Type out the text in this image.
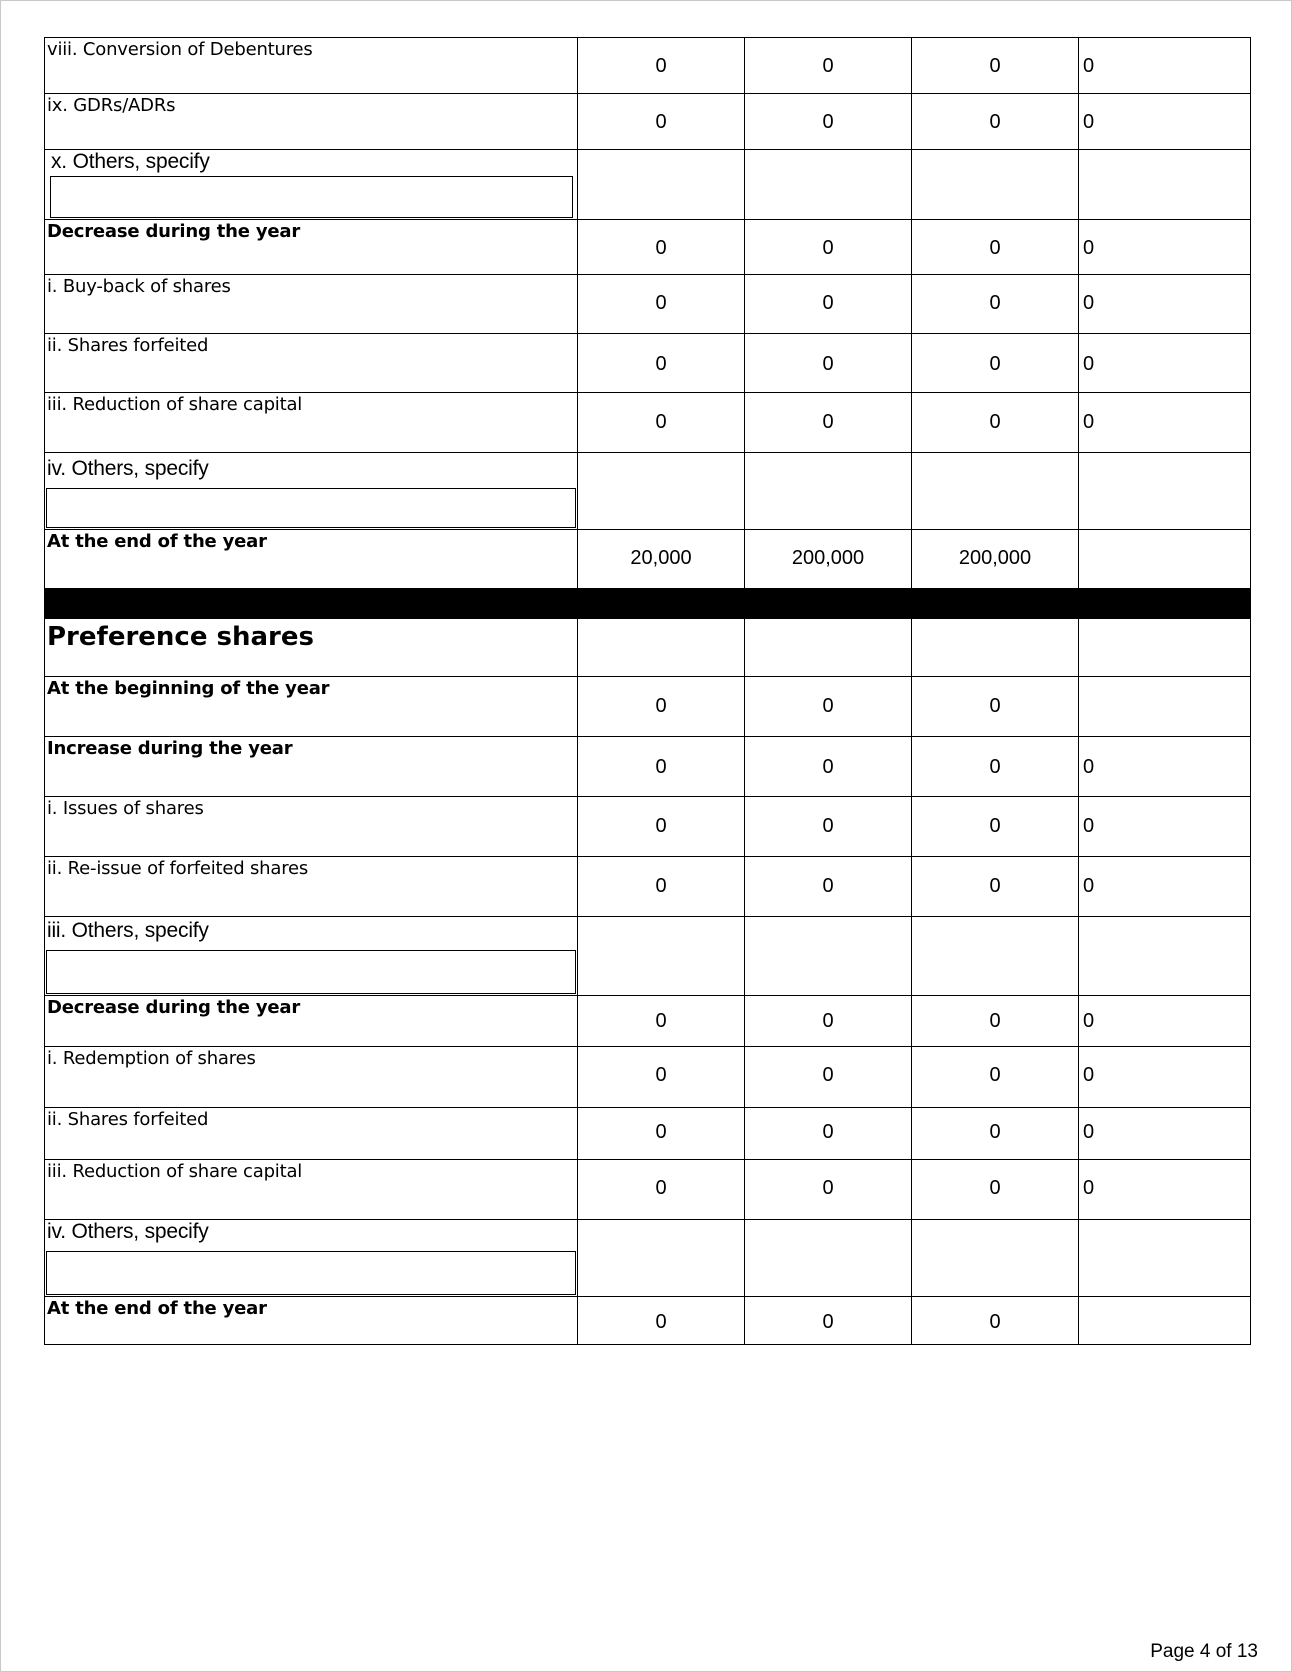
viii. Conversion of Debentures	0	0	0	0

ix. GDRs/ADRs	0	0	0	0

x. Others, specify				

Decrease during the year	0	0	0	0

i. Buy-back of shares	0	0	0	0

ii. Shares forfeited	0	0	0	0

iii. Reduction of share capital	0	0	0	0

iv. Others, specify				

At the end of the year	20,000	200,000	200,000	

Preference shares				

At the beginning of the year	0	0	0	

Increase during the year	0	0	0	0

i. Issues of shares	0	0	0	0

ii. Re-issue of forfeited shares	0	0	0	0

iii. Others, specify				

Decrease during the year	0	0	0	0

i. Redemption of shares	0	0	0	0

ii. Shares forfeited	0	0	0	0

iii. Reduction of share capital	0	0	0	0

iv. Others, specify				

At the end of the year	0	0	0	

Page 4 of 13
